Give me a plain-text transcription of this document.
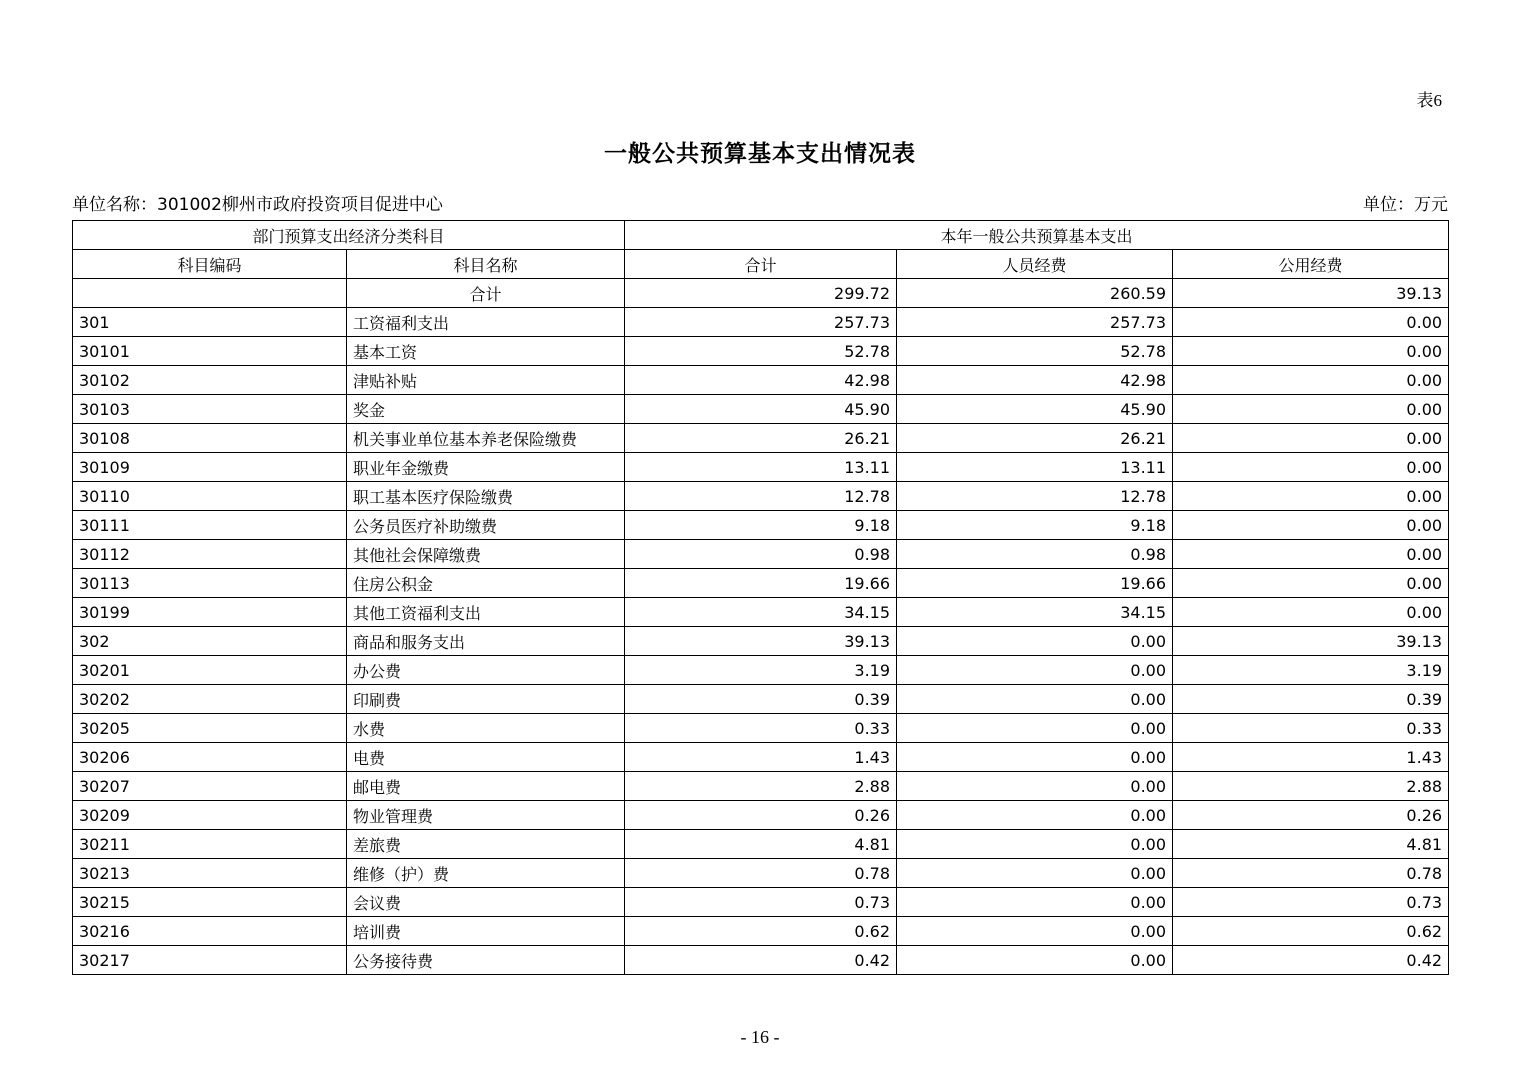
表6
一般公共预算基本支出情况表
单位名称：301002柳州市政府投资项目促进中心	单位：万元
部门预算支出经济分类科目		本年一般公共预算基本支出		
科目编码	科目名称	合计	人员经费	公用经费
	合计	299.72	260.59	39.13
301	工资福利支出	257.73	257.73	0.00
30101	基本工资	52.78	52.78	0.00
30102	津贴补贴	42.98	42.98	0.00
30103	奖金	45.90	45.90	0.00
30108	机关事业单位基本养老保险缴费	26.21	26.21	0.00
30109	职业年金缴费	13.11	13.11	0.00
30110	职工基本医疗保险缴费	12.78	12.78	0.00
30111	公务员医疗补助缴费	9.18	9.18	0.00
30112	其他社会保障缴费	0.98	0.98	0.00
30113	住房公积金	19.66	19.66	0.00
30199	其他工资福利支出	34.15	34.15	0.00
302	商品和服务支出	39.13	0.00	39.13
30201	办公费	3.19	0.00	3.19
30202	印刷费	0.39	0.00	0.39
30205	水费	0.33	0.00	0.33
30206	电费	1.43	0.00	1.43
30207	邮电费	2.88	0.00	2.88
30209	物业管理费	0.26	0.00	0.26
30211	差旅费	4.81	0.00	4.81
30213	维修（护）费	0.78	0.00	0.78
30215	会议费	0.73	0.00	0.73
30216	培训费	0.62	0.00	0.62
30217	公务接待费	0.42	0.00	0.42
- 16 -
